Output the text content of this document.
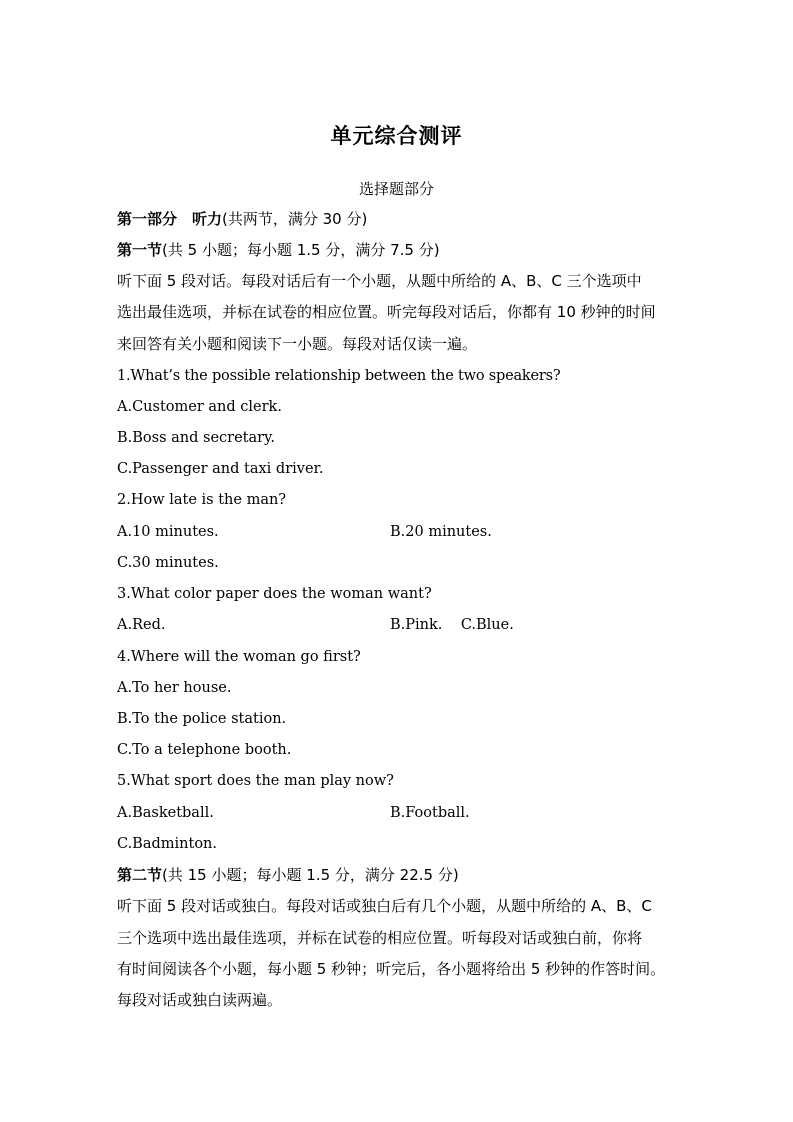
单元综合测评
选择题部分
第一部分　听力(共两节，满分 30 分)
第一节(共 5 小题；每小题 1.5 分，满分 7.5 分)
听下面 5 段对话。每段对话后有一个小题，从题中所给的 A、B、C 三个选项中
选出最佳选项，并标在试卷的相应位置。听完每段对话后，你都有 10 秒钟的时间
来回答有关小题和阅读下一小题。每段对话仅读一遍。
1.What’s the possible relationship between the two speakers?
A.Customer and clerk.
B.Boss and secretary.
C.Passenger and taxi driver.
2.How late is the man?
A.10 minutes.	B.20 minutes.
C.30 minutes.
3.What color paper does the woman want?
A.Red.	B.Pink.    C.Blue.
4.Where will the woman go first?
A.To her house.
B.To the police station.
C.To a telephone booth.
5.What sport does the man play now?
A.Basketball.	B.Football.
C.Badminton.
第二节(共 15 小题；每小题 1.5 分，满分 22.5 分)
听下面 5 段对话或独白。每段对话或独白后有几个小题，从题中所给的 A、B、C
三个选项中选出最佳选项，并标在试卷的相应位置。听每段对话或独白前，你将
有时间阅读各个小题，每小题 5 秒钟；听完后，各小题将给出 5 秒钟的作答时间。
每段对话或独白读两遍。
